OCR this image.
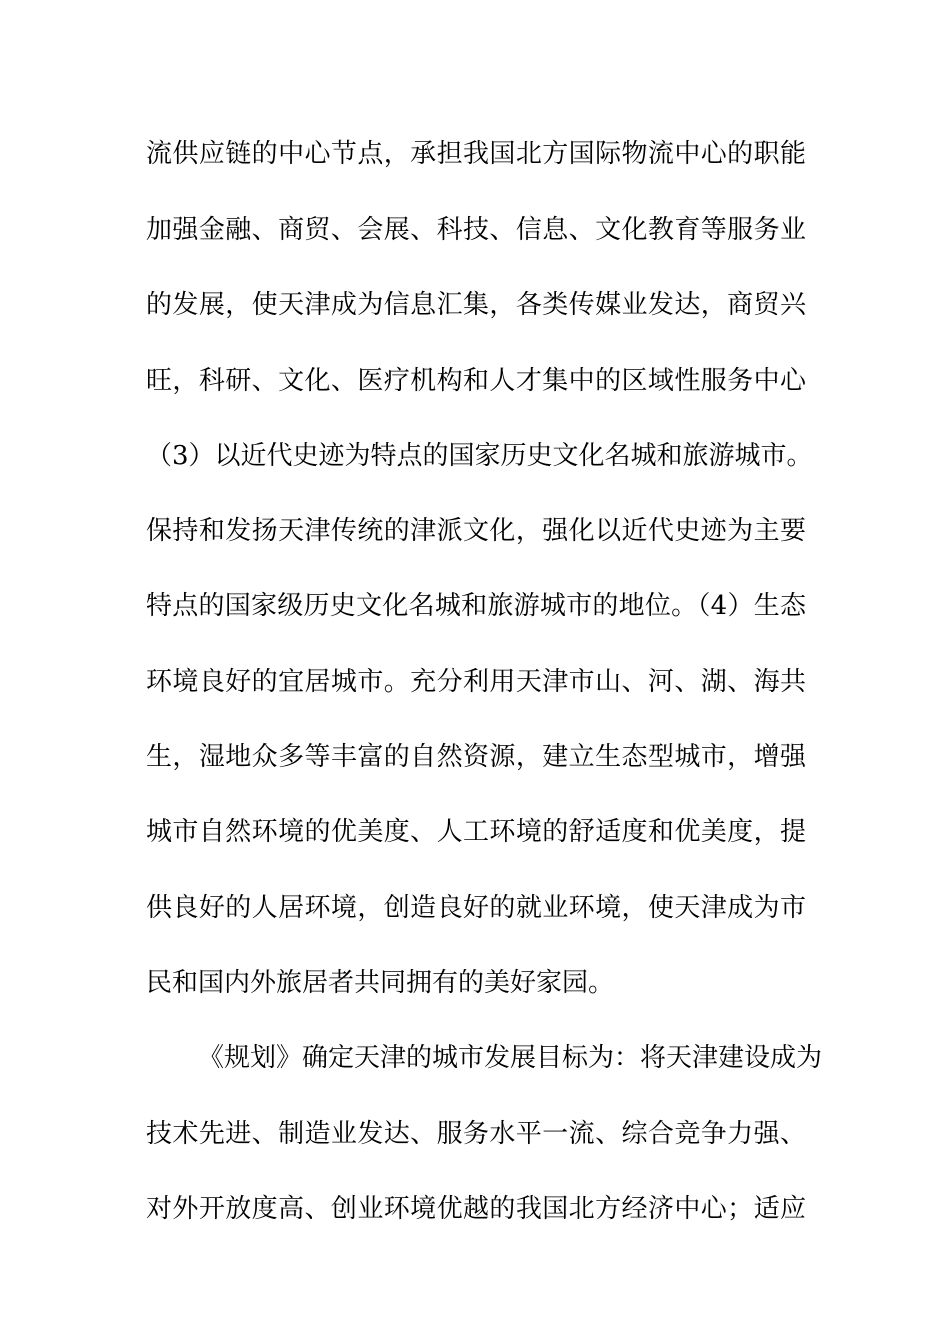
流供应链的中心节点，承担我国北方国际物流中心的职能
加强金融、商贸、会展、科技、信息、文化教育等服务业
的发展，使天津成为信息汇集，各类传媒业发达，商贸兴
旺，科研、文化、医疗机构和人才集中的区域性服务中心
（3）以近代史迹为特点的国家历史文化名城和旅游城市。
保持和发扬天津传统的津派文化，强化以近代史迹为主要
特点的国家级历史文化名城和旅游城市的地位。（4）生态
环境良好的宜居城市。充分利用天津市山、河、湖、海共
生，湿地众多等丰富的自然资源，建立生态型城市，增强
城市自然环境的优美度、人工环境的舒适度和优美度，提
供良好的人居环境，创造良好的就业环境，使天津成为市
民和国内外旅居者共同拥有的美好家园。
《规划》确定天津的城市发展目标为：将天津建设成为
技术先进、制造业发达、服务水平一流、综合竞争力强、
对外开放度高、创业环境优越的我国北方经济中心；适应
